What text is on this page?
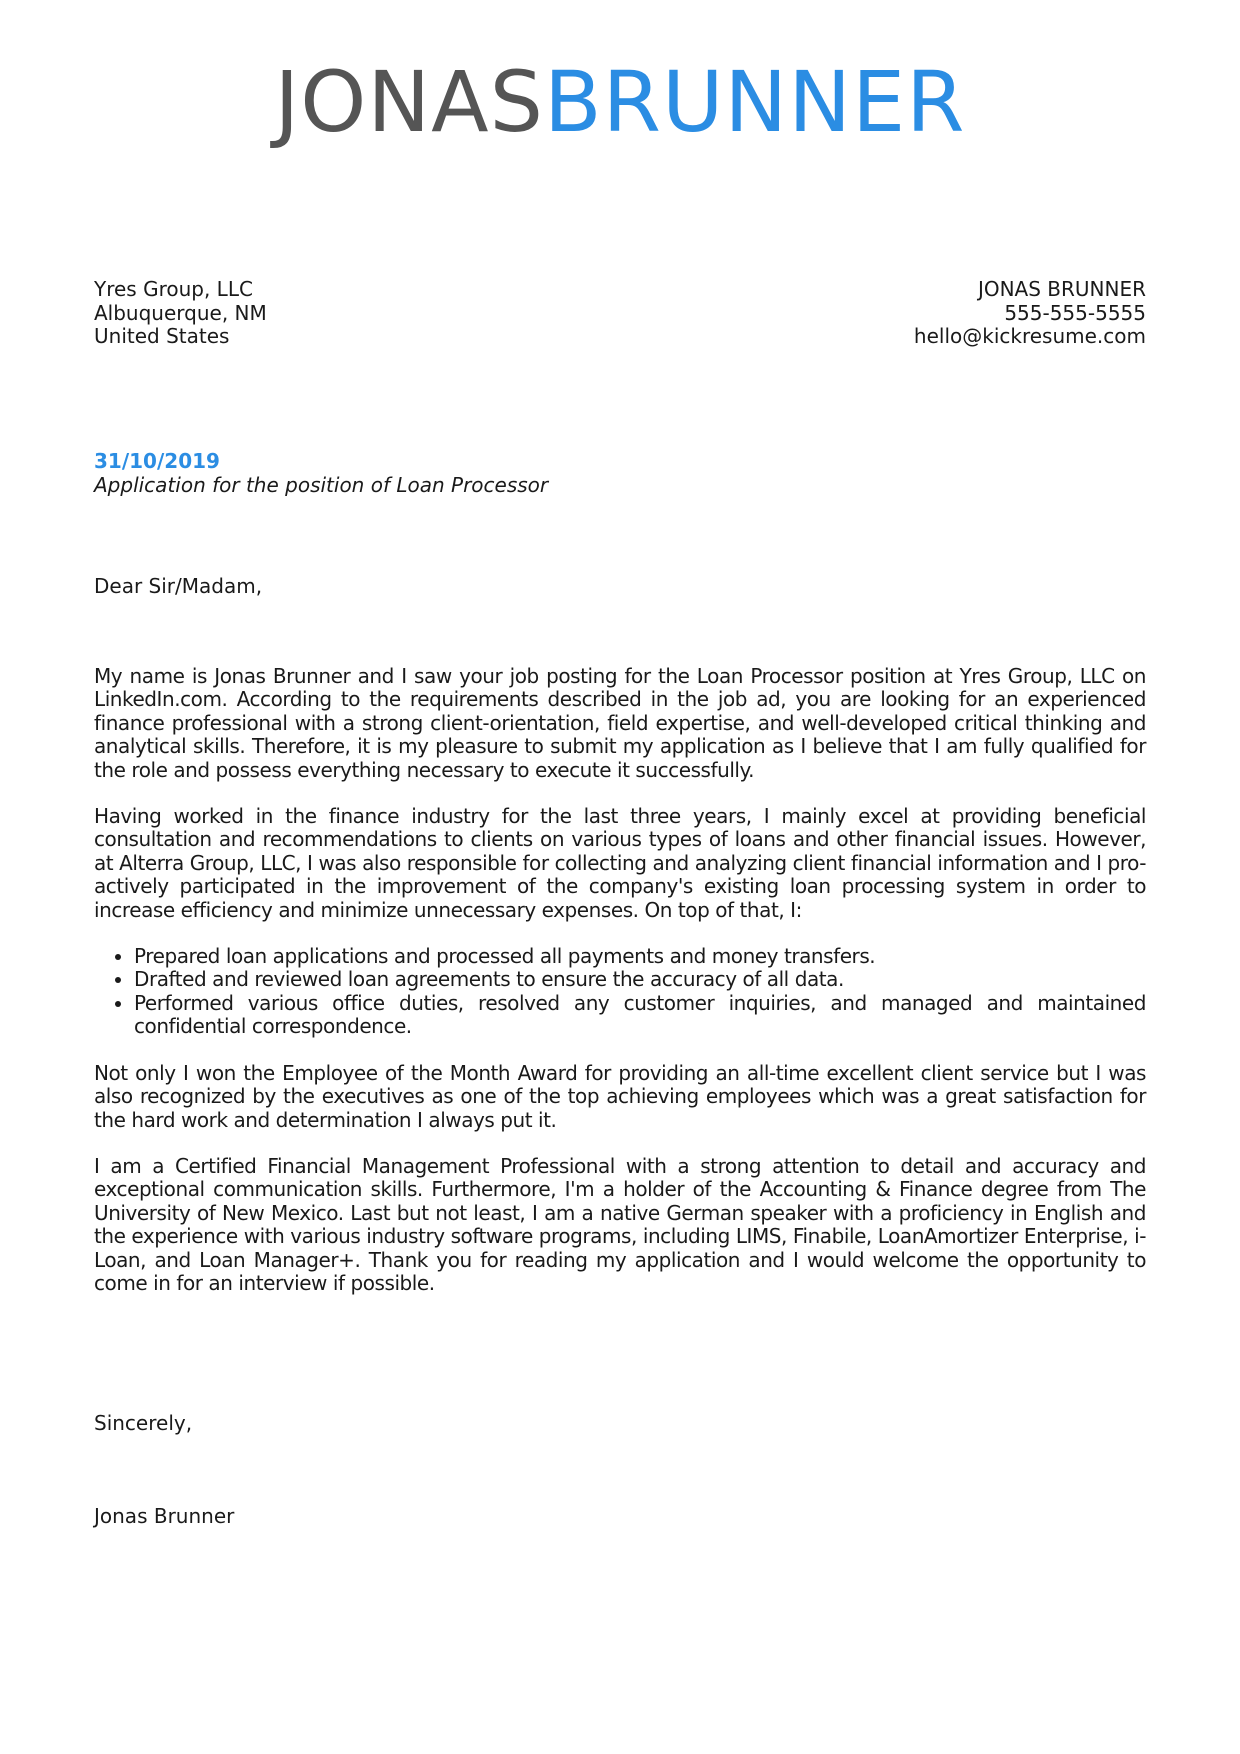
JONASBRUNNER
Yres Group, LLC
Albuquerque, NM
United States
JONAS BRUNNER
555-555-5555
hello@kickresume.com
31/10/2019
Application for the position of Loan Processor
Dear Sir/Madam,

My name is Jonas Brunner and I saw your job posting for the Loan Processor position at Yres Group, LLC on LinkedIn.com. According to the requirements described in the job ad, you are looking for an experienced finance professional with a strong client-orientation, field expertise, and well-developed critical thinking and analytical skills. Therefore, it is my pleasure to submit my application as I believe that I am fully qualified for the role and possess everything necessary to execute it successfully.

Having worked in the finance industry for the last three years, I mainly excel at providing beneficial consultation and recommendations to clients on various types of loans and other financial issues. However, at Alterra Group, LLC, I was also responsible for collecting and analyzing client financial information and I pro-actively participated in the improvement of the company's existing loan processing system in order to increase efficiency and minimize unnecessary expenses. On top of that, I:

• Prepared loan applications and processed all payments and money transfers.
• Drafted and reviewed loan agreements to ensure the accuracy of all data.
• Performed various office duties, resolved any customer inquiries, and managed and maintained confidential correspondence.

Not only I won the Employee of the Month Award for providing an all-time excellent client service but I was also recognized by the executives as one of the top achieving employees which was a great satisfaction for the hard work and determination I always put it.

I am a Certified Financial Management Professional with a strong attention to detail and accuracy and exceptional communication skills. Furthermore, I'm a holder of the Accounting & Finance degree from The University of New Mexico. Last but not least, I am a native German speaker with a proficiency in English and the experience with various industry software programs, including LIMS, Finabile, LoanAmortizer Enterprise, i-Loan, and Loan Manager+. Thank you for reading my application and I would welcome the opportunity to come in for an interview if possible.

Sincerely,
Jonas Brunner
